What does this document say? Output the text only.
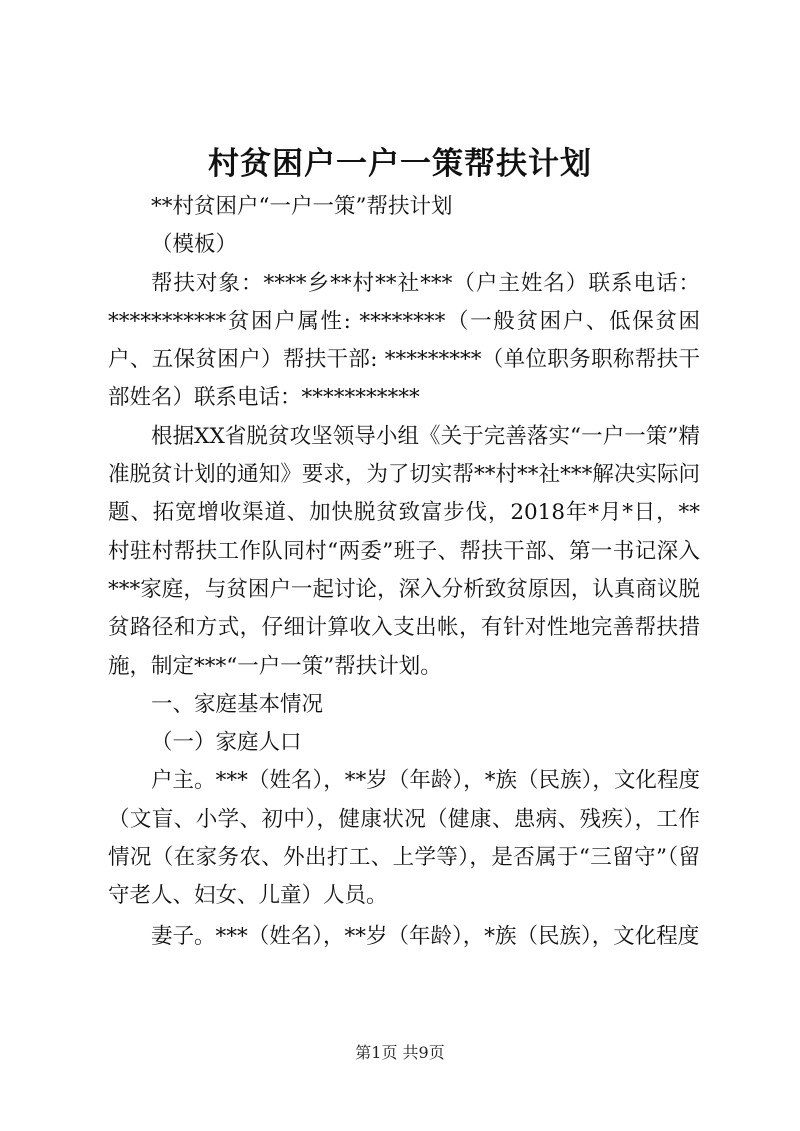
村贫困户一户一策帮扶计划

**村贫困户“一户一策”帮扶计划

（模板）

帮扶对象：****乡**村**社***（户主姓名）联系电话：***********贫困户属性: ********（一般贫困户、低保贫困户、五保贫困户）帮扶干部: *********（单位职务职称帮扶干部姓名）联系电话：***********

根据XX省脱贫攻坚领导小组《关于完善落实“一户一策”精准脱贫计划的通知》要求，为了切实帮**村**社***解决实际问题、拓宽增收渠道、加快脱贫致富步伐，2018年*月*日，**村驻村帮扶工作队同村“两委”班子、帮扶干部、第一书记深入***家庭，与贫困户一起讨论，深入分析致贫原因，认真商议脱贫路径和方式，仔细计算收入支出帐，有针对性地完善帮扶措施，制定***“一户一策”帮扶计划。

一、家庭基本情况

（一）家庭人口

户主。***（姓名），**岁（年龄），*族（民族），文化程度（文盲、小学、初中），健康状况（健康、患病、残疾），工作情况（在家务农、外出打工、上学等），是否属于“三留守”（留守老人、妇女、儿童）人员。

妻子。***（姓名），**岁（年龄），*族（民族），文化程度

第1页 共9页
